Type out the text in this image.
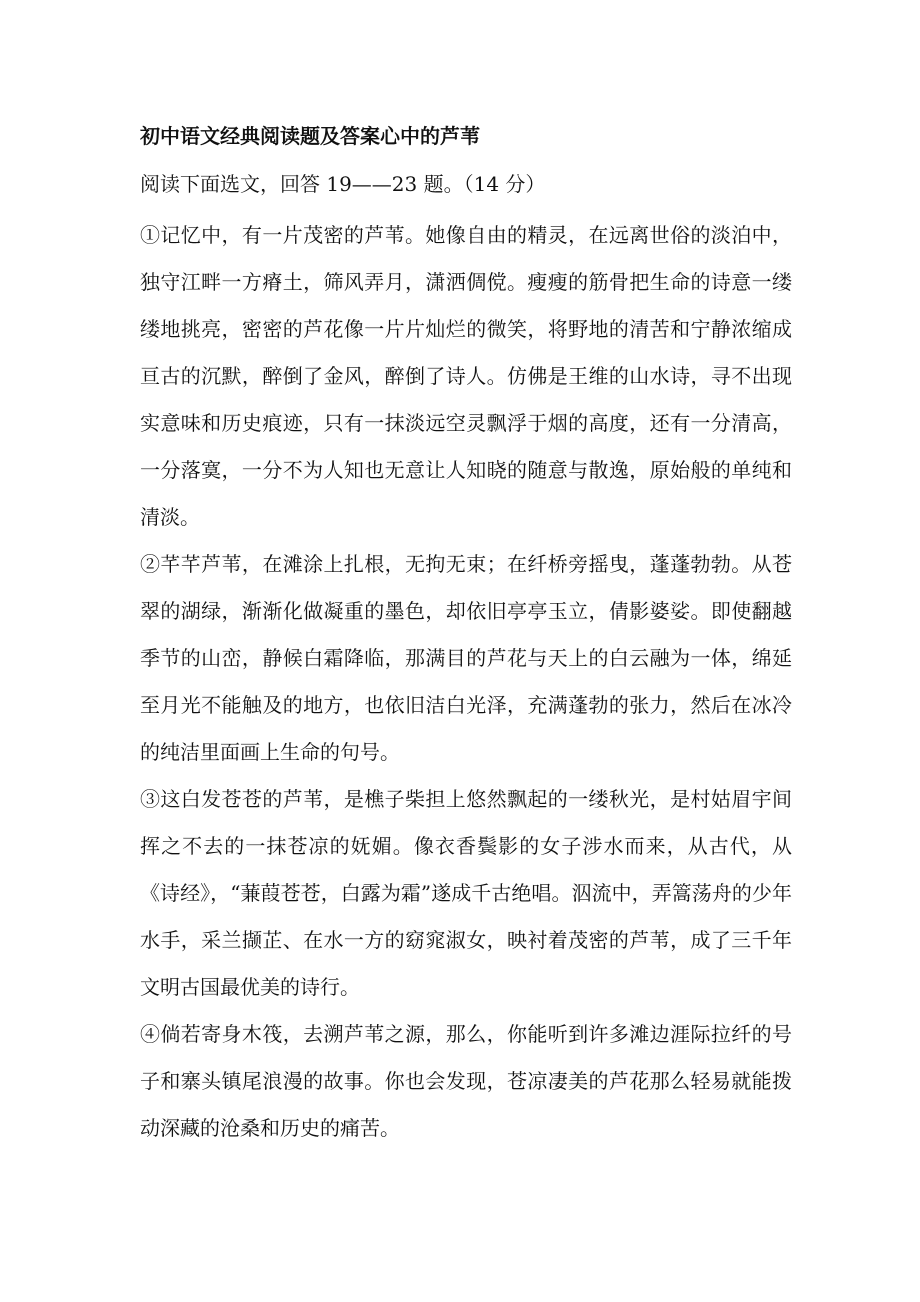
初中语文经典阅读题及答案心中的芦苇
阅读下面选文，回答 19——23 题。（14 分）

①记忆中，有一片茂密的芦苇。她像自由的精灵，在远离世俗的淡泊中，独守江畔一方瘠土，筛风弄月，潇洒倜傥。瘦瘦的筋骨把生命的诗意一缕缕地挑亮，密密的芦花像一片片灿烂的微笑，将野地的清苦和宁静浓缩成亘古的沉默，醉倒了金风，醉倒了诗人。仿佛是王维的山水诗，寻不出现实意味和历史痕迹，只有一抹淡远空灵飘浮于烟的高度，还有一分清高，一分落寞，一分不为人知也无意让人知晓的随意与散逸，原始般的单纯和清淡。

②芊芊芦苇，在滩涂上扎根，无拘无束；在纤桥旁摇曳，蓬蓬勃勃。从苍翠的湖绿，渐渐化做凝重的墨色，却依旧亭亭玉立，倩影婆娑。即使翻越季节的山峦，静候白霜降临，那满目的芦花与天上的白云融为一体，绵延至月光不能触及的地方，也依旧洁白光泽，充满蓬勃的张力，然后在冰冷的纯洁里面画上生命的句号。

③这白发苍苍的芦苇，是樵子柴担上悠然飘起的一缕秋光，是村姑眉宇间挥之不去的一抹苍凉的妩媚。像衣香鬓影的女子涉水而来，从古代，从《诗经》，“蒹葭苍苍，白露为霜”遂成千古绝唱。泅流中，弄篙荡舟的少年水手，采兰撷芷、在水一方的窈窕淑女，映衬着茂密的芦苇，成了三千年文明古国最优美的诗行。

④倘若寄身木筏，去溯芦苇之源，那么，你能听到许多滩边涯际拉纤的号子和寨头镇尾浪漫的故事。你也会发现，苍凉凄美的芦花那么轻易就能拨动深藏的沧桑和历史的痛苦。
